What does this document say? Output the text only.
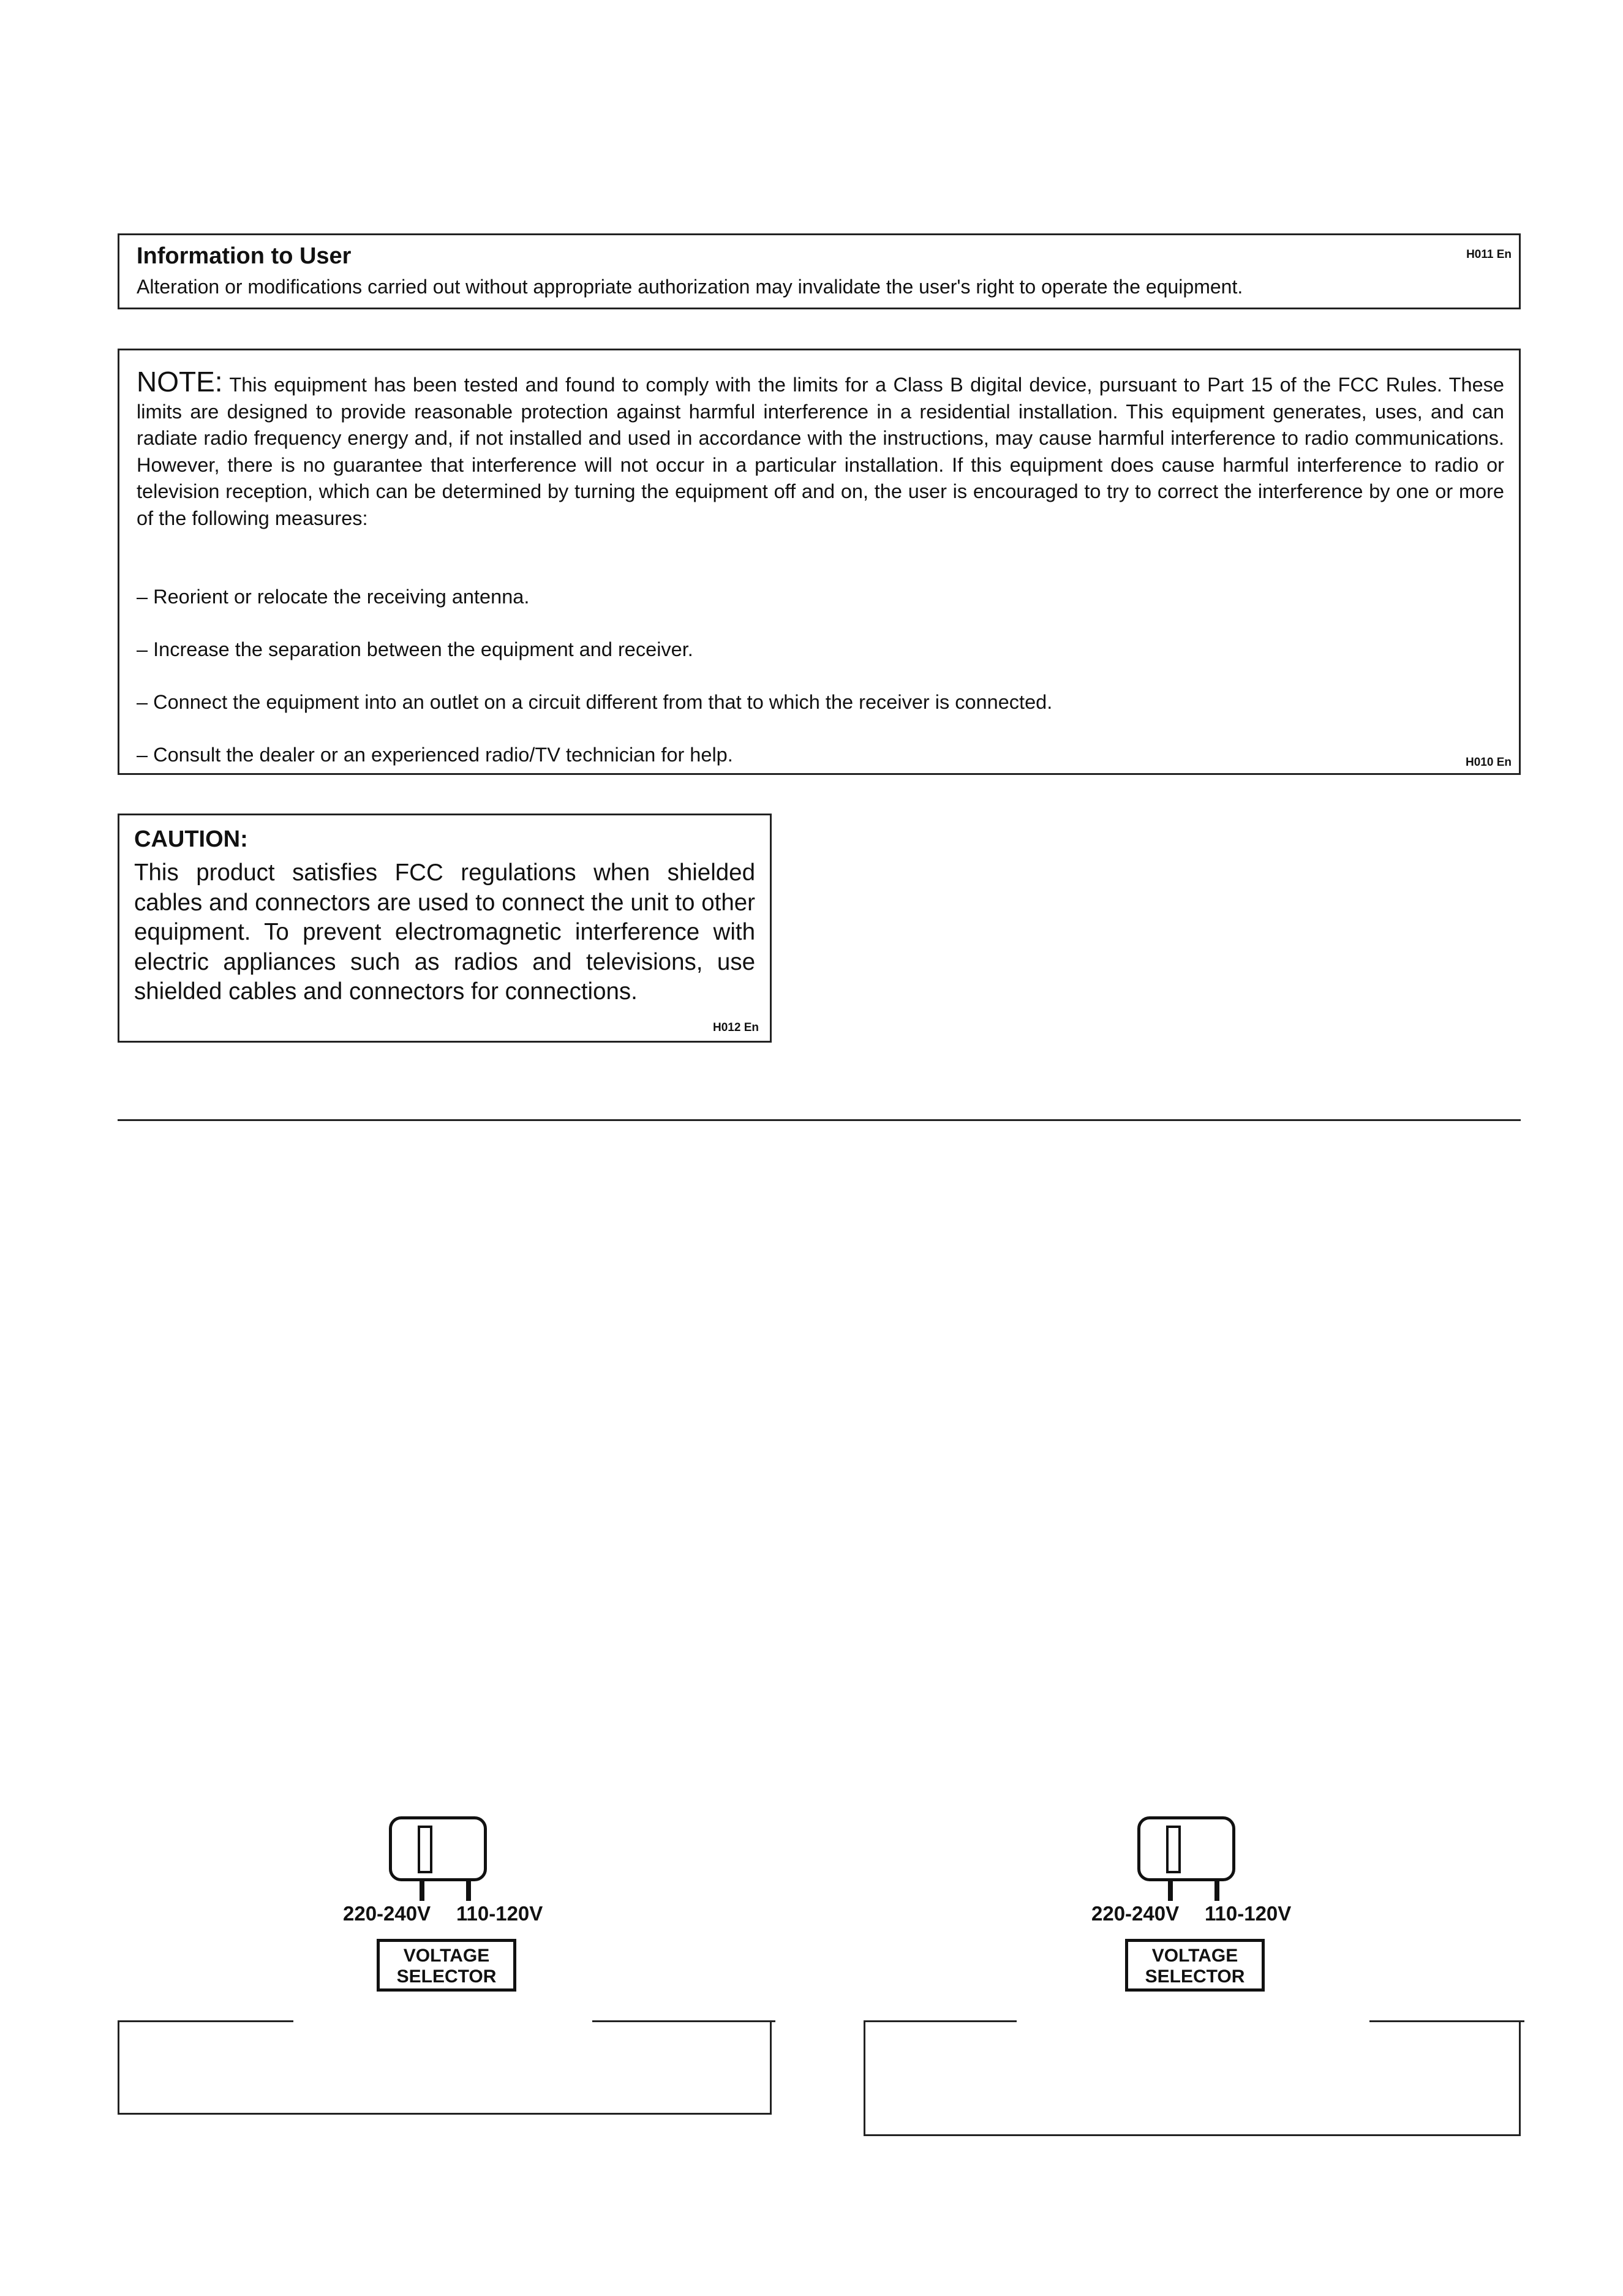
Information to User	H011 En
Alteration or modifications carried out without appropriate authorization may invalidate the user's right to operate the equipment.
NOTE: This equipment has been tested and found to comply with the limits for a Class B digital device, pursuant to Part 15 of the FCC Rules. These limits are designed to provide reasonable protection against harmful interference in a residential installation. This equipment generates, uses, and can radiate radio frequency energy and, if not installed and used in accordance with the instructions, may cause harmful interference to radio communications. However, there is no guarantee that interference will not occur in a particular installation. If this equipment does cause harmful interference to radio or television reception, which can be determined by turning the equipment off and on, the user is encouraged to try to correct the interference by one or more of the following measures:
– Reorient or relocate the receiving antenna.
– Increase the separation between the equipment and receiver.
– Connect the equipment into an outlet on a circuit different from that to which the receiver is connected.
– Consult the dealer or an experienced radio/TV technician for help.	H010 En
CAUTION:
This product satisfies FCC regulations when shielded cables and connectors are used to connect the unit to other equipment. To prevent electromagnetic interference with electric appliances such as radios and televisions, use shielded cables and connectors for connections.
H012 En
220-240V 110-120V
VOLTAGE
SELECTOR
220-240V 110-120V
VOLTAGE
SELECTOR
